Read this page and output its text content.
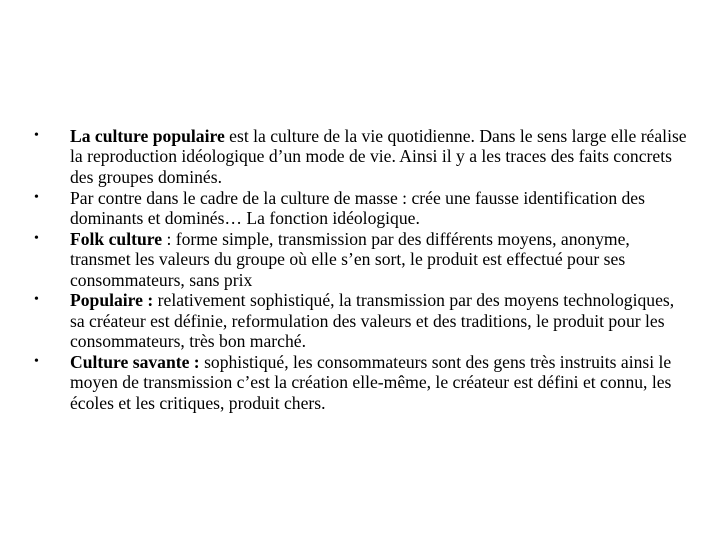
•	La culture populaire est la culture de la vie quotidienne. Dans le sens large elle réalise la reproduction idéologique d’un mode de vie. Ainsi il y a les traces des faits concrets des groupes dominés.
•	Par contre dans le cadre de la culture de masse : crée une fausse identification des dominants et dominés… La fonction idéologique.
•	Folk culture : forme simple, transmission par des différents moyens, anonyme, transmet les valeurs du groupe où elle s’en sort, le produit est effectué pour ses consommateurs, sans prix
•	Populaire : relativement sophistiqué, la transmission par des moyens technologiques, sa créateur est définie, reformulation des valeurs et des traditions, le produit pour les consommateurs, très bon marché.
•	Culture savante : sophistiqué, les consommateurs sont des gens très instruits ainsi le moyen de transmission c’est la création elle-même, le créateur est défini et connu, les écoles et les critiques, produit chers.
